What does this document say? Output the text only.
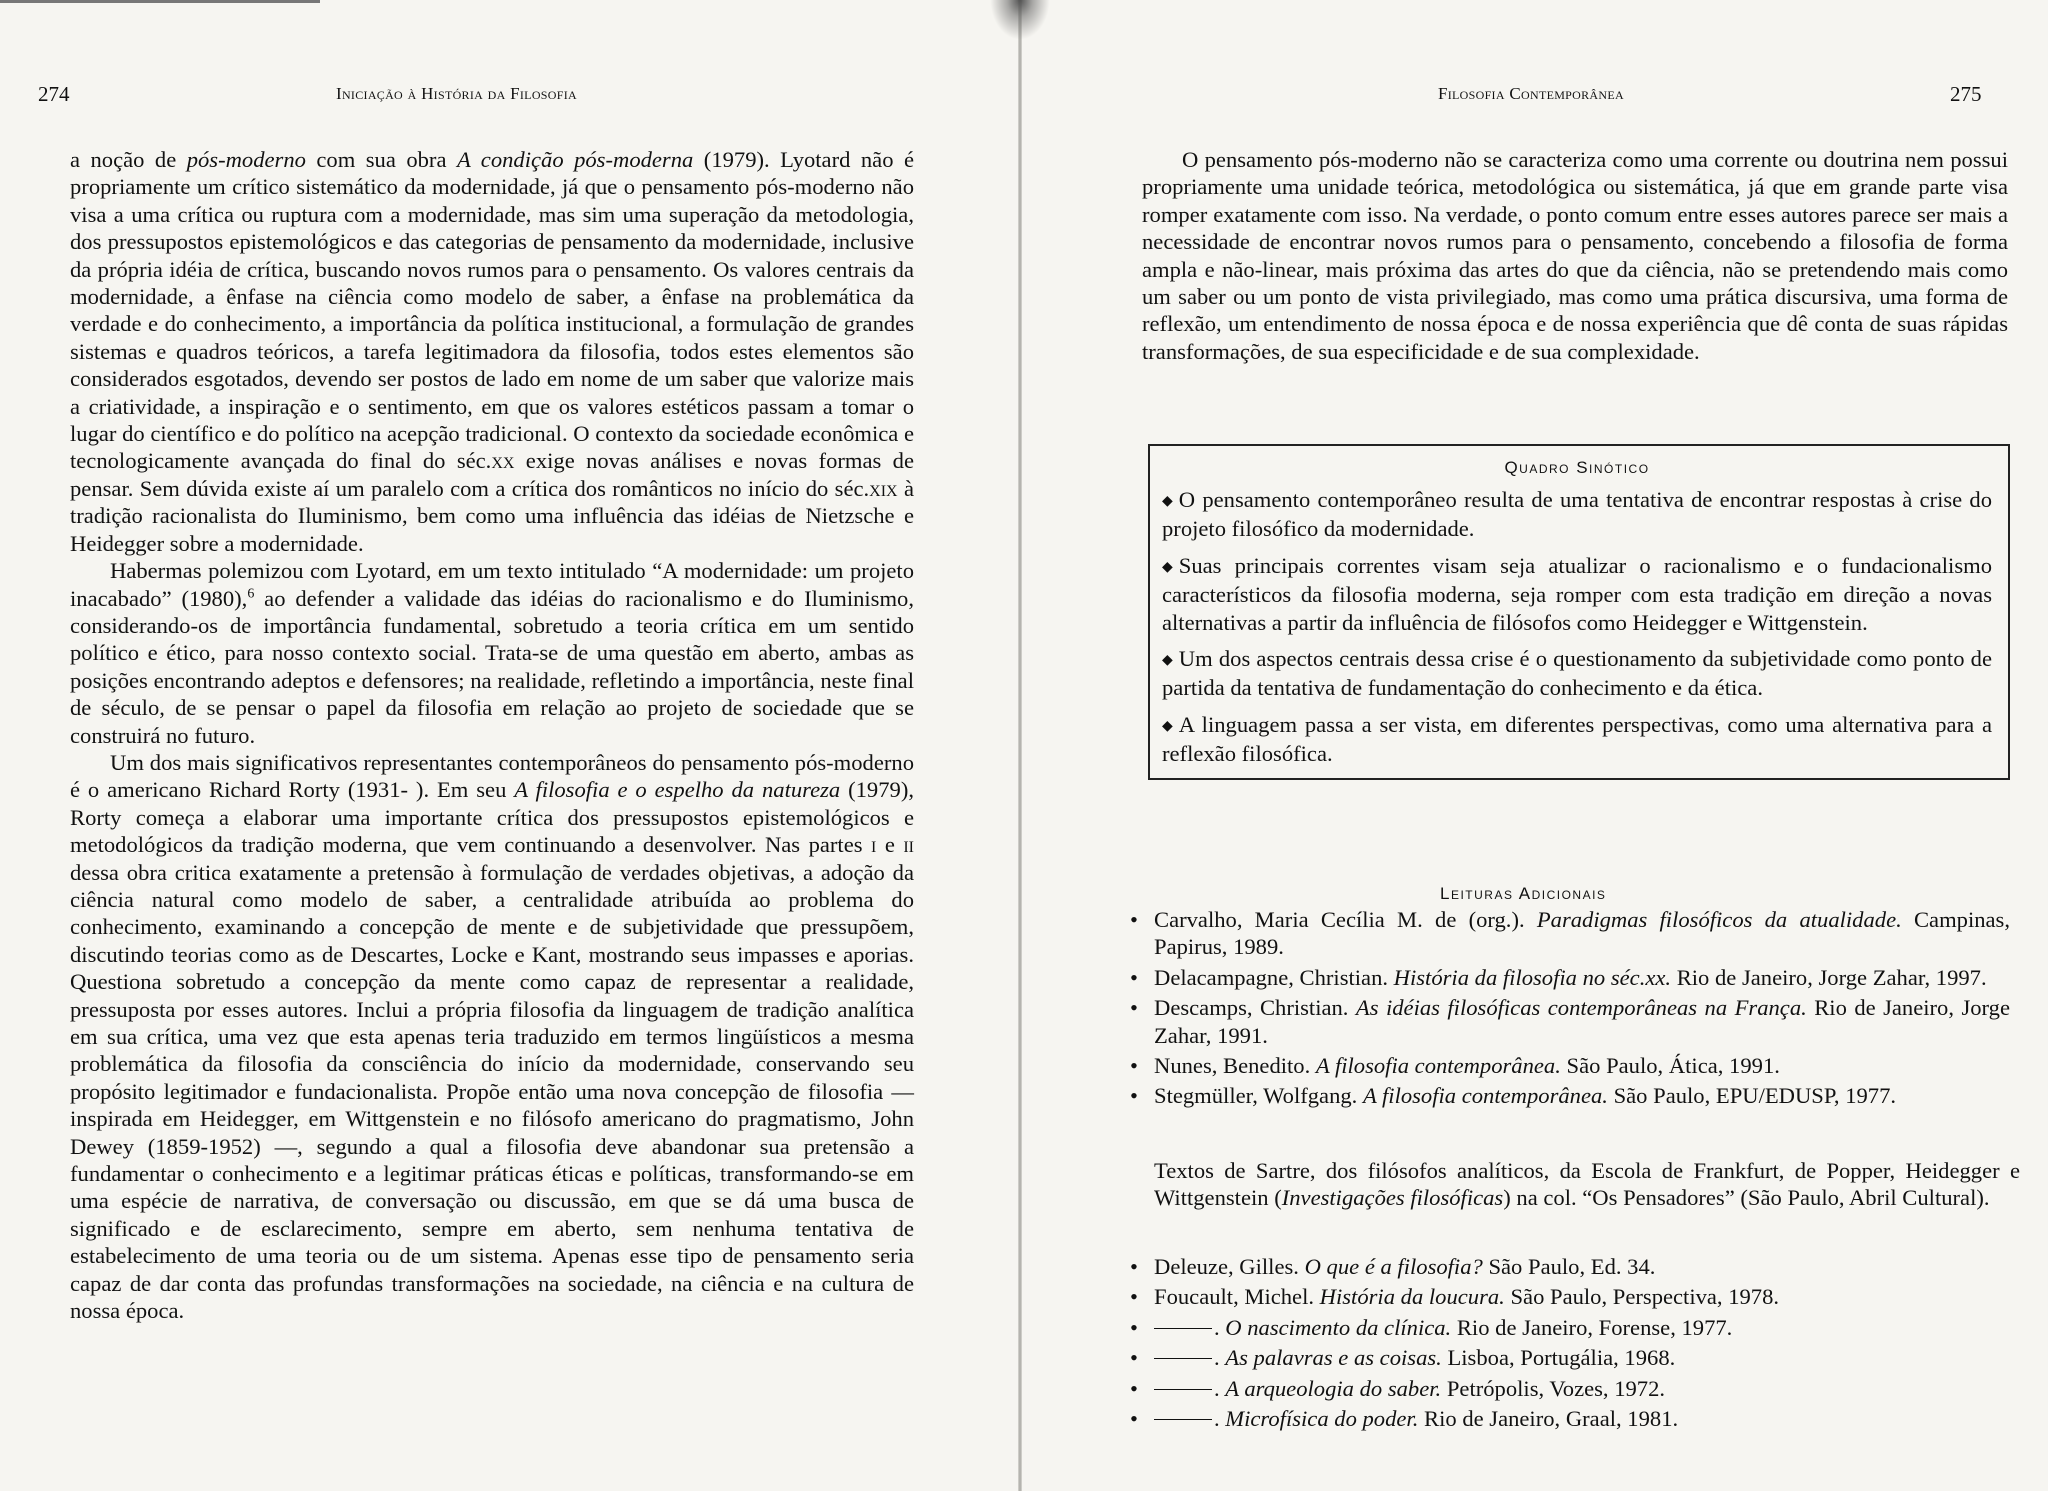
274	Iniciação à História da Filosofia

a noção de pós-moderno com sua obra A condição pós-moderna (1979). Lyotard não é propriamente um crítico sistemático da modernidade, já que o pensamento pós-moderno não visa a uma crítica ou ruptura com a modernidade, mas sim uma superação da metodologia, dos pressupostos epistemológicos e das categorias de pensamento da modernidade, inclusive da própria idéia de crítica, buscando novos rumos para o pensamento. Os valores centrais da modernidade, a ênfase na ciência como modelo de saber, a ênfase na problemática da verdade e do conhecimento, a importância da política institucional, a formulação de grandes sistemas e quadros teóricos, a tarefa legitimadora da filosofia, todos estes elementos são considerados esgotados, devendo ser postos de lado em nome de um saber que valorize mais a criatividade, a inspiração e o sentimento, em que os valores estéticos passam a tomar o lugar do científico e do político na acepção tradicional. O contexto da sociedade econômica e tecnologicamente avançada do final do séc.xx exige novas análises e novas formas de pensar. Sem dúvida existe aí um paralelo com a crítica dos românticos no início do séc.xix à tradição racionalista do Iluminismo, bem como uma influência das idéias de Nietzsche e Heidegger sobre a modernidade.

Habermas polemizou com Lyotard, em um texto intitulado “A modernidade: um projeto inacabado” (1980),$^6$ ao defender a validade das idéias do racionalismo e do Iluminismo, considerando-os de importância fundamental, sobretudo a teoria crítica em um sentido político e ético, para nosso contexto social. Trata-se de uma questão em aberto, ambas as posições encontrando adeptos e defensores; na realidade, refletindo a importância, neste final de século, de se pensar o papel da filosofia em relação ao projeto de sociedade que se construirá no futuro.

Um dos mais significativos representantes contemporâneos do pensamento pós-moderno é o americano Richard Rorty (1931- ). Em seu A filosofia e o espelho da natureza (1979), Rorty começa a elaborar uma importante crítica dos pressupostos epistemológicos e metodológicos da tradição moderna, que vem continuando a desenvolver. Nas partes i e ii dessa obra critica exatamente a pretensão à formulação de verdades objetivas, a adoção da ciência natural como modelo de saber, a centralidade atribuída ao problema do conhecimento, examinando a concepção de mente e de subjetividade que pressupõem, discutindo teorias como as de Descartes, Locke e Kant, mostrando seus impasses e aporias. Questiona sobretudo a concepção da mente como capaz de representar a realidade, pressuposta por esses autores. Inclui a própria filosofia da linguagem de tradição analítica em sua crítica, uma vez que esta apenas teria traduzido em termos lingüísticos a mesma problemática da filosofia da consciência do início da modernidade, conservando seu propósito legitimador e fundacionalista. Propõe então uma nova concepção de filosofia — inspirada em Heidegger, em Wittgenstein e no filósofo americano do pragmatismo, John Dewey (1859-1952) —, segundo a qual a filosofia deve abandonar sua pretensão a fundamentar o conhecimento e a legitimar práticas éticas e políticas, transformando-se em uma espécie de narrativa, de conversação ou discussão, em que se dá uma busca de significado e de esclarecimento, sempre em aberto, sem nenhuma tentativa de estabelecimento de uma teoria ou de um sistema. Apenas esse tipo de pensamento seria capaz de dar conta das profundas transformações na sociedade, na ciência e na cultura de nossa época.

Filosofia Contemporânea	275

O pensamento pós-moderno não se caracteriza como uma corrente ou doutrina nem possui propriamente uma unidade teórica, metodológica ou sistemática, já que em grande parte visa romper exatamente com isso. Na verdade, o ponto comum entre esses autores parece ser mais a necessidade de encontrar novos rumos para o pensamento, concebendo a filosofia de forma ampla e não-linear, mais próxima das artes do que da ciência, não se pretendendo mais como um saber ou um ponto de vista privilegiado, mas como uma prática discursiva, uma forma de reflexão, um entendimento de nossa época e de nossa experiência que dê conta de suas rápidas transformações, de sua especificidade e de sua complexidade.

Quadro Sinótico

◆ O pensamento contemporâneo resulta de uma tentativa de encontrar respostas à crise do projeto filosófico da modernidade.

◆ Suas principais correntes visam seja atualizar o racionalismo e o fundacionalismo característicos da filosofia moderna, seja romper com esta tradição em direção a novas alternativas a partir da influência de filósofos como Heidegger e Wittgenstein.

◆ Um dos aspectos centrais dessa crise é o questionamento da subjetividade como ponto de partida da tentativa de fundamentação do conhecimento e da ética.

◆ A linguagem passa a ser vista, em diferentes perspectivas, como uma alternativa para a reflexão filosófica.

Leituras Adicionais
• Carvalho, Maria Cecília M. de (org.). Paradigmas filosóficos da atualidade. Campinas, Papirus, 1989.
• Delacampagne, Christian. História da filosofia no séc.xx. Rio de Janeiro, Jorge Zahar, 1997.
• Descamps, Christian. As idéias filosóficas contemporâneas na França. Rio de Janeiro, Jorge Zahar, 1991.
• Nunes, Benedito. A filosofia contemporânea. São Paulo, Ática, 1991.
• Stegmüller, Wolfgang. A filosofia contemporânea. São Paulo, EPU/EDUSP, 1977.
Textos de Sartre, dos filósofos analíticos, da Escola de Frankfurt, de Popper, Heidegger e Wittgenstein (Investigações filosóficas) na col. “Os Pensadores” (São Paulo, Abril Cultural).
• Deleuze, Gilles. O que é a filosofia? São Paulo, Ed. 34.
• Foucault, Michel. História da loucura. São Paulo, Perspectiva, 1978.
•	. O nascimento da clínica. Rio de Janeiro, Forense, 1977.
•	. As palavras e as coisas. Lisboa, Portugália, 1968.
•	. A arqueologia do saber. Petrópolis, Vozes, 1972.
•	. Microfísica do poder. Rio de Janeiro, Graal, 1981.
